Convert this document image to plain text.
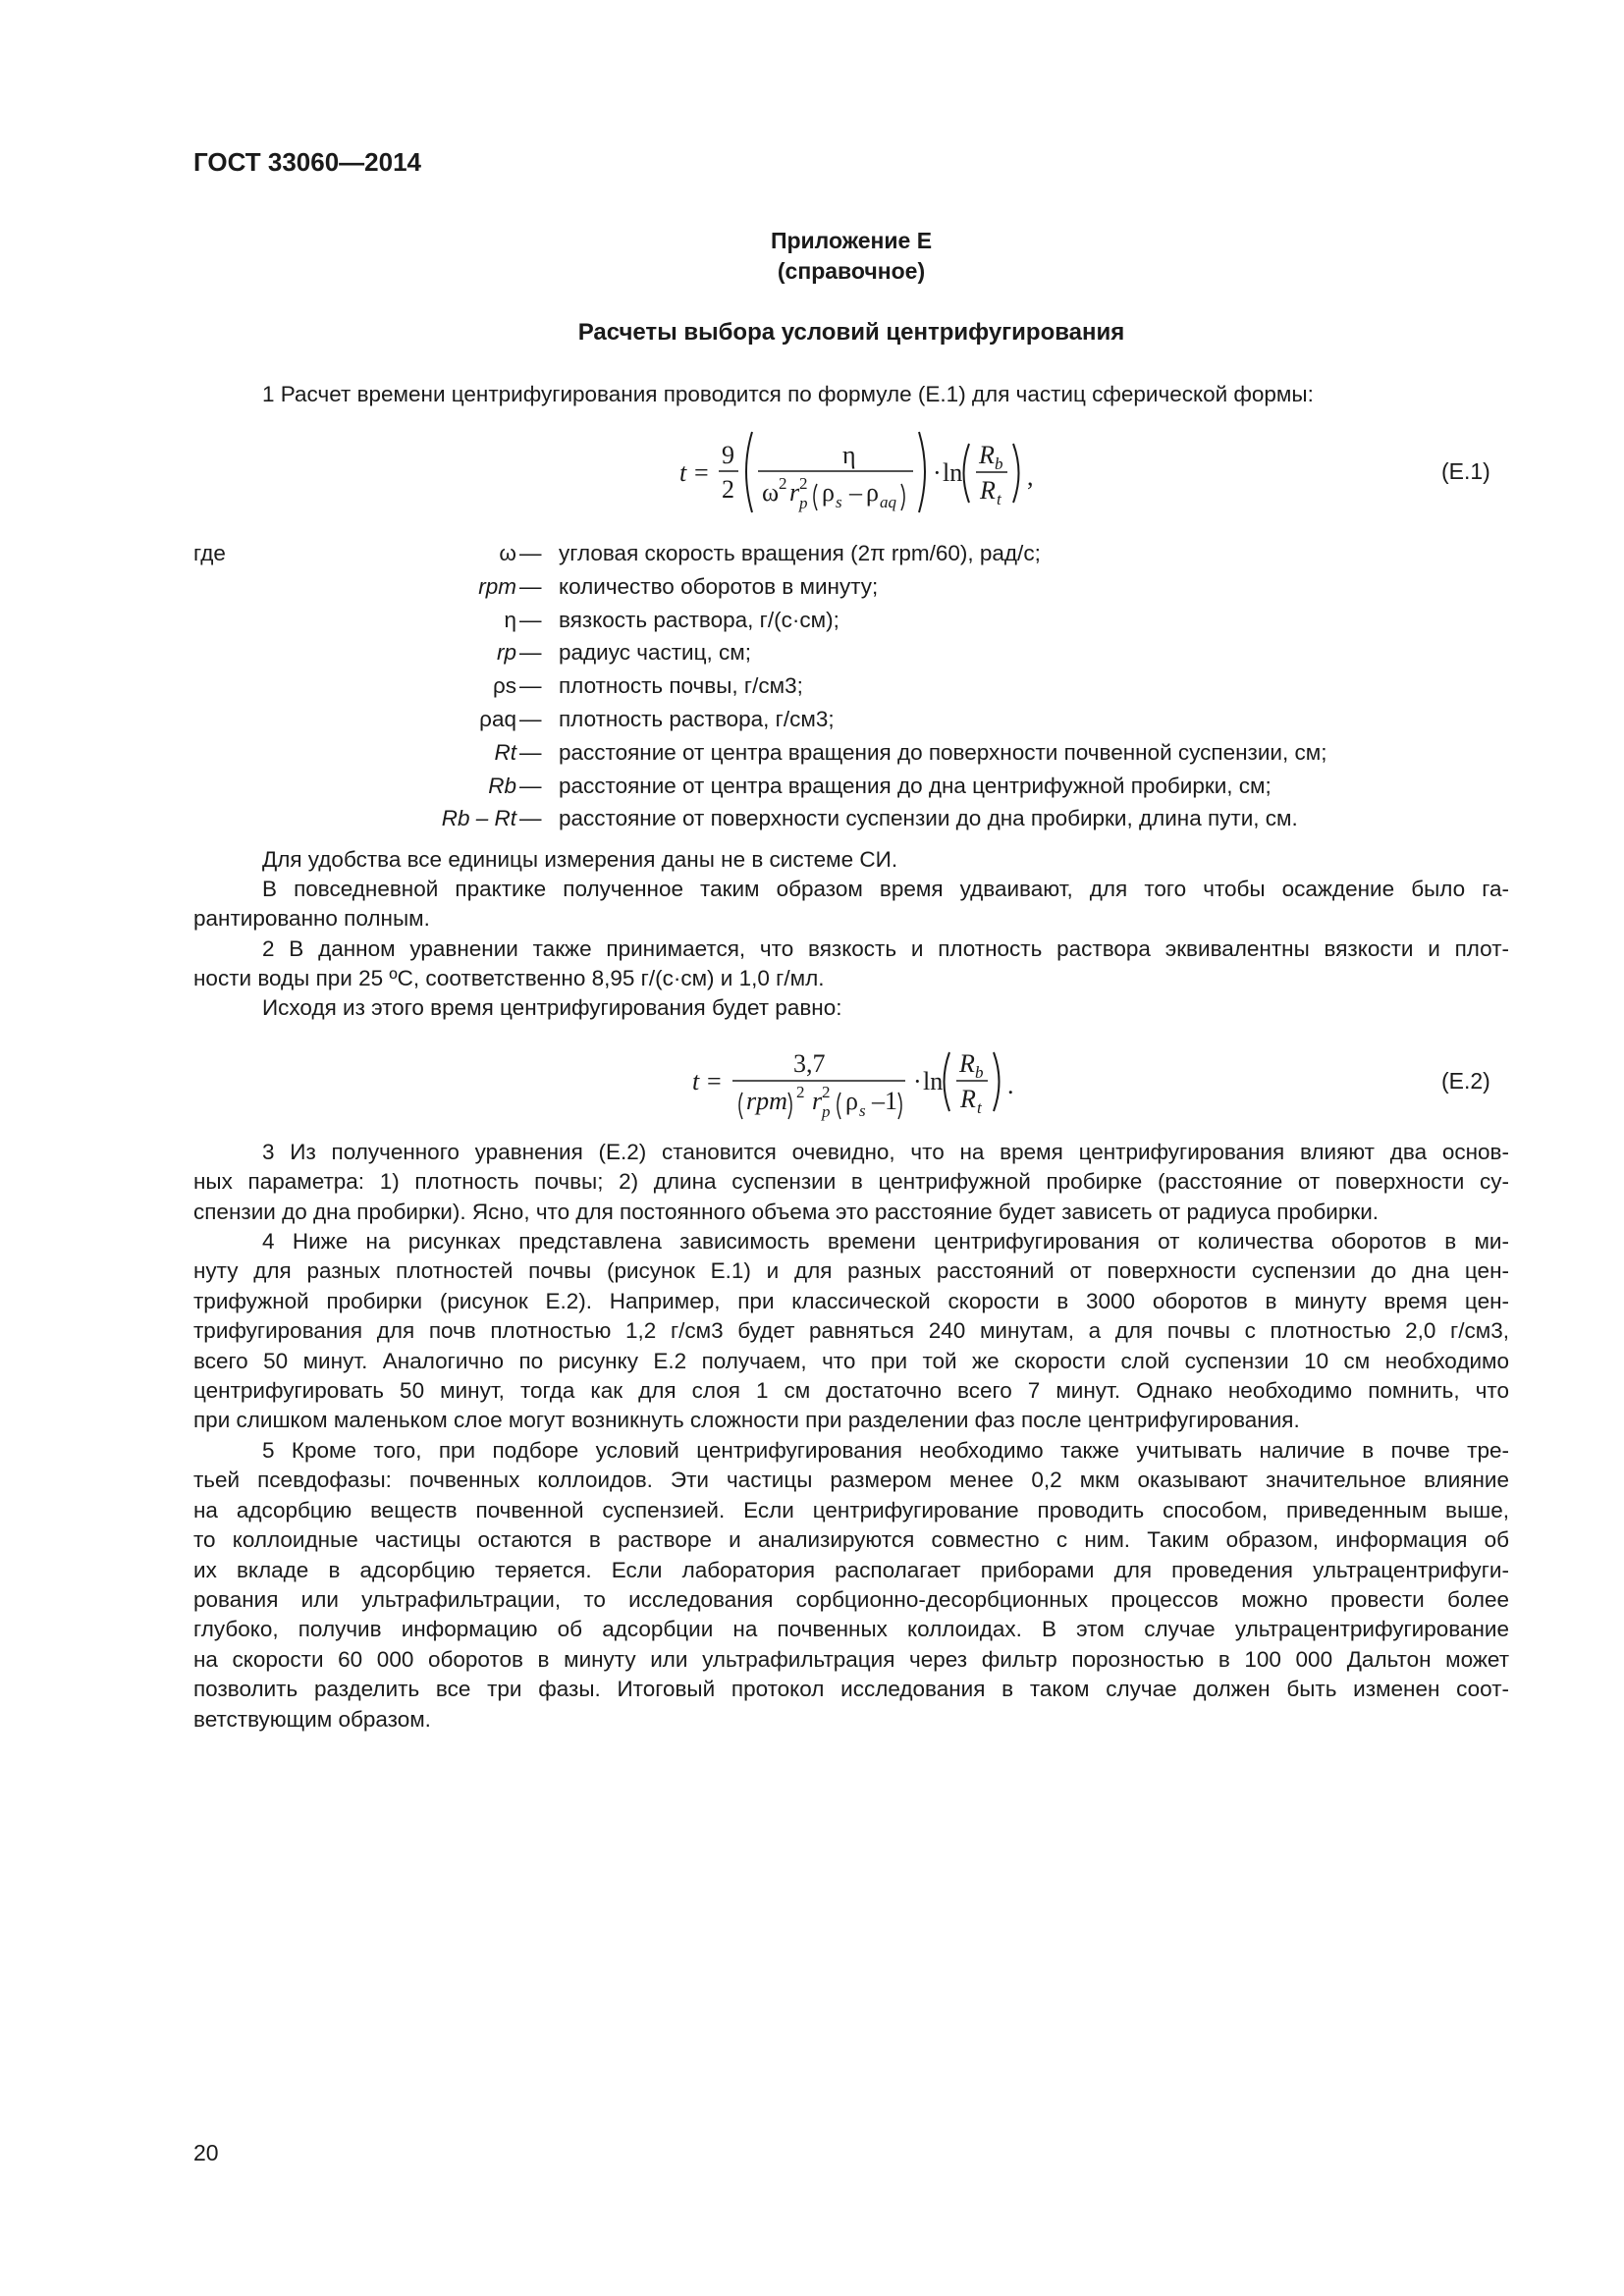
ГОСТ 33060—2014
Приложение Е
(справочное)
Расчеты выбора условий центрифугирования
1 Расчет времени центрифугирования проводится по формуле (Е.1) для частиц сферической формы:
t =
9
2
η
ω 2 r 2
p ρ s – ρ aq
· ln
R b
R t
,	(Е.1)
где	ω — угловая скорость вращения (2π rpm/60), рад/с;
rpm — количество оборотов в минуту;
η — вязкость раствора, г/(с·см);
rp — радиус частиц, см;
ρs — плотность почвы, г/см3;
ρaq — плотность раствора, г/см3;
Rt — расстояние от центра вращения до поверхности почвенной суспензии, см;
Rb — расстояние от центра вращения до дна центрифужной пробирки, см;
Rb – Rt — расстояние от поверхности суспензии до дна пробирки, длина пути, см.
Для удобства все единицы измерения даны не в системе СИ.
В повседневной практике полученное таким образом время удваивают, для того чтобы осаждение было га-
рантированно полным.
2 В данном уравнении также принимается, что вязкость и плотность раствора эквивалентны вязкости и плот-
ности воды при 25 ºС, соответственно 8,95 г/(с·см) и 1,0 г/мл.
Исходя из этого время центрифугирования будет равно:
t =
3,7
rpm 2 r 2
p ρ s –1
· ln
R b
R t
.	(Е.2)
3 Из полученного уравнения (Е.2) становится очевидно, что на время центрифугирования влияют два основ-
ных параметра: 1) плотность почвы; 2) длина суспензии в центрифужной пробирке (расстояние от поверхности су-
спензии до дна пробирки). Ясно, что для постоянного объема это расстояние будет зависеть от радиуса пробирки.
4 Ниже на рисунках представлена зависимость времени центрифугирования от количества оборотов в ми-
нуту для разных плотностей почвы (рисунок Е.1) и для разных расстояний от поверхности суспензии до дна цен-
трифужной пробирки (рисунок Е.2). Например, при классической скорости в 3000 оборотов в минуту время цен-
трифугирования для почв плотностью 1,2 г/см3 будет равняться 240 минутам, а для почвы с плотностью 2,0 г/см3,
всего 50 минут. Аналогично по рисунку Е.2 получаем, что при той же скорости слой суспензии 10 см необходимо
центрифугировать 50 минут, тогда как для слоя 1 см достаточно всего 7 минут. Однако необходимо помнить, что
при слишком маленьком слое могут возникнуть сложности при разделении фаз после центрифугирования.
5 Кроме того, при подборе условий центрифугирования необходимо также учитывать наличие в почве тре-
тьей псевдофазы: почвенных коллоидов. Эти частицы размером менее 0,2 мкм оказывают значительное влияние
на адсорбцию веществ почвенной суспензией. Если центрифугирование проводить способом, приведенным выше,
то коллоидные частицы остаются в растворе и анализируются совместно с ним. Таким образом, информация об
их вкладе в адсорбцию теряется. Если лаборатория располагает приборами для проведения ультрацентрифуги-
рования или ультрафильтрации, то исследования сорбционно-десорбционных процессов можно провести более
глубоко, получив информацию об адсорбции на почвенных коллоидах. В этом случае ультрацентрифугирование
на скорости 60 000 оборотов в минуту или ультрафильтрация через фильтр порозностью в 100 000 Дальтон может
позволить разделить все три фазы. Итоговый протокол исследования в таком случае должен быть изменен соот-
ветствующим образом.
20
